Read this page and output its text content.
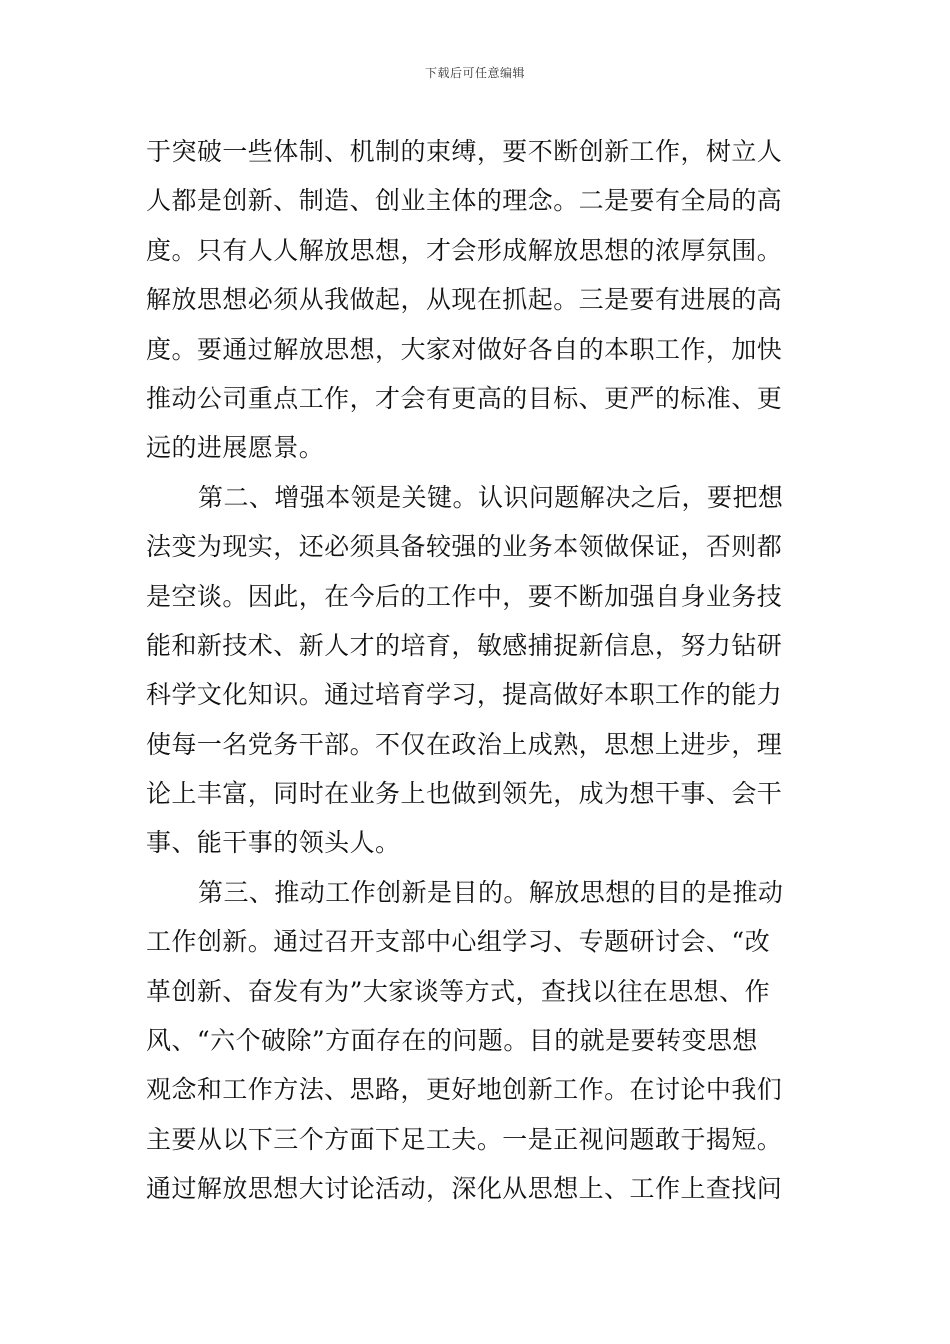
下载后可任意编辑
于突破一些体制、机制的束缚，要不断创新工作，树立人
人都是创新、制造、创业主体的理念。二是要有全局的高
度。只有人人解放思想，才会形成解放思想的浓厚氛围。
解放思想必须从我做起，从现在抓起。三是要有进展的高
度。要通过解放思想，大家对做好各自的本职工作，加快
推动公司重点工作，才会有更高的目标、更严的标准、更
远的进展愿景。
第二、增强本领是关键。认识问题解决之后，要把想
法变为现实，还必须具备较强的业务本领做保证，否则都
是空谈。因此，在今后的工作中，要不断加强自身业务技
能和新技术、新人才的培育，敏感捕捉新信息，努力钻研
科学文化知识。通过培育学习，提高做好本职工作的能力
使每一名党务干部。不仅在政治上成熟，思想上进步，理
论上丰富，同时在业务上也做到领先，成为想干事、会干
事、能干事的领头人。
第三、推动工作创新是目的。解放思想的目的是推动
工作创新。通过召开支部中心组学习、专题研讨会、“改
革创新、奋发有为”大家谈等方式，查找以往在思想、作
风、“六个破除”方面存在的问题。目的就是要转变思想
观念和工作方法、思路，更好地创新工作。在讨论中我们
主要从以下三个方面下足工夫。一是正视问题敢于揭短。
通过解放思想大讨论活动，深化从思想上、工作上查找问
